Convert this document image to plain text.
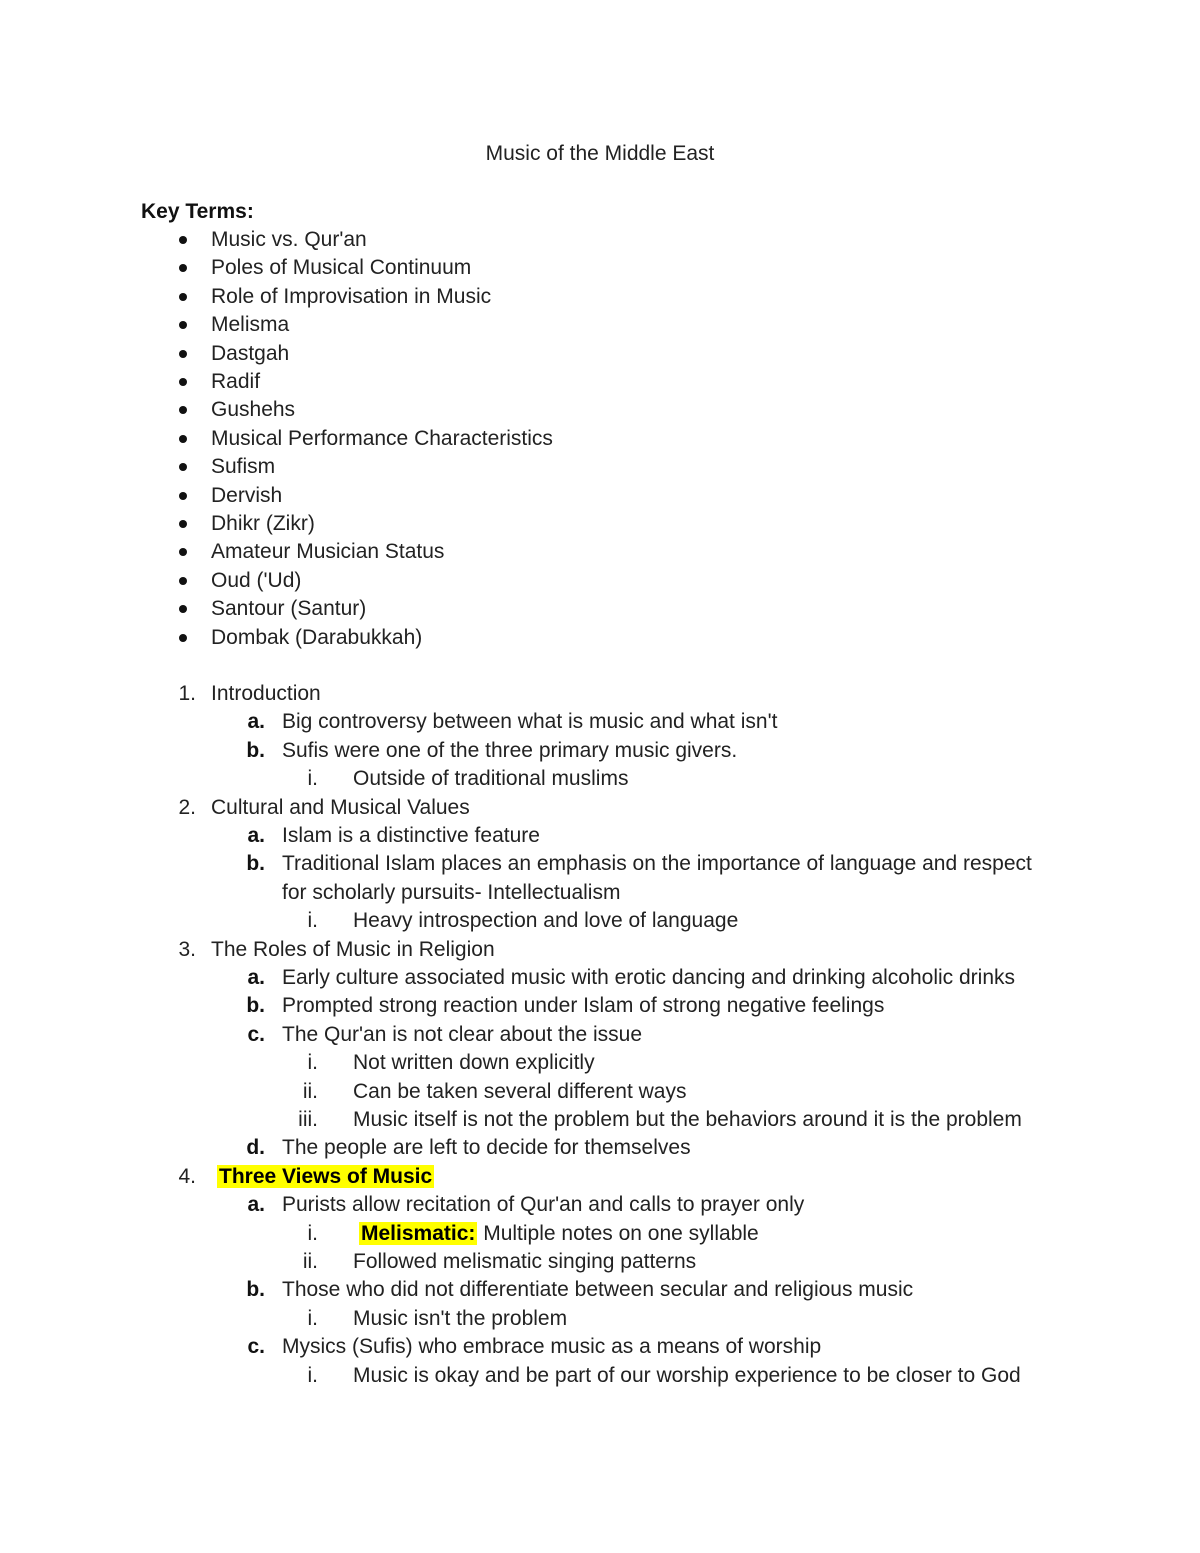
Music of the Middle East
Key Terms:
Music vs. Qur'an
Poles of Musical Continuum
Role of Improvisation in Music
Melisma
Dastgah
Radif
Gushehs
Musical Performance Characteristics
Sufism
Dervish
Dhikr (Zikr)
Amateur Musician Status
Oud ('Ud)
Santour (Santur)
Dombak (Darabukkah)
1. Introduction
a. Big controversy between what is music and what isn't
b. Sufis were one of the three primary music givers.
i. Outside of traditional muslims
2. Cultural and Musical Values
a. Islam is a distinctive feature
b. Traditional Islam places an emphasis on the importance of language and respect
for scholarly pursuits- Intellectualism
i. Heavy introspection and love of language
3. The Roles of Music in Religion
a. Early culture associated music with erotic dancing and drinking alcoholic drinks
b. Prompted strong reaction under Islam of strong negative feelings
c. The Qur'an is not clear about the issue
i. Not written down explicitly
ii. Can be taken several different ways
iii. Music itself is not the problem but the behaviors around it is the problem
d. The people are left to decide for themselves
4. Three Views of Music
a. Purists allow recitation of Qur'an and calls to prayer only
i. Melismatic: Multiple notes on one syllable
ii. Followed melismatic singing patterns
b. Those who did not differentiate between secular and religious music
i. Music isn't the problem
c. Mysics (Sufis) who embrace music as a means of worship
i. Music is okay and be part of our worship experience to be closer to God
